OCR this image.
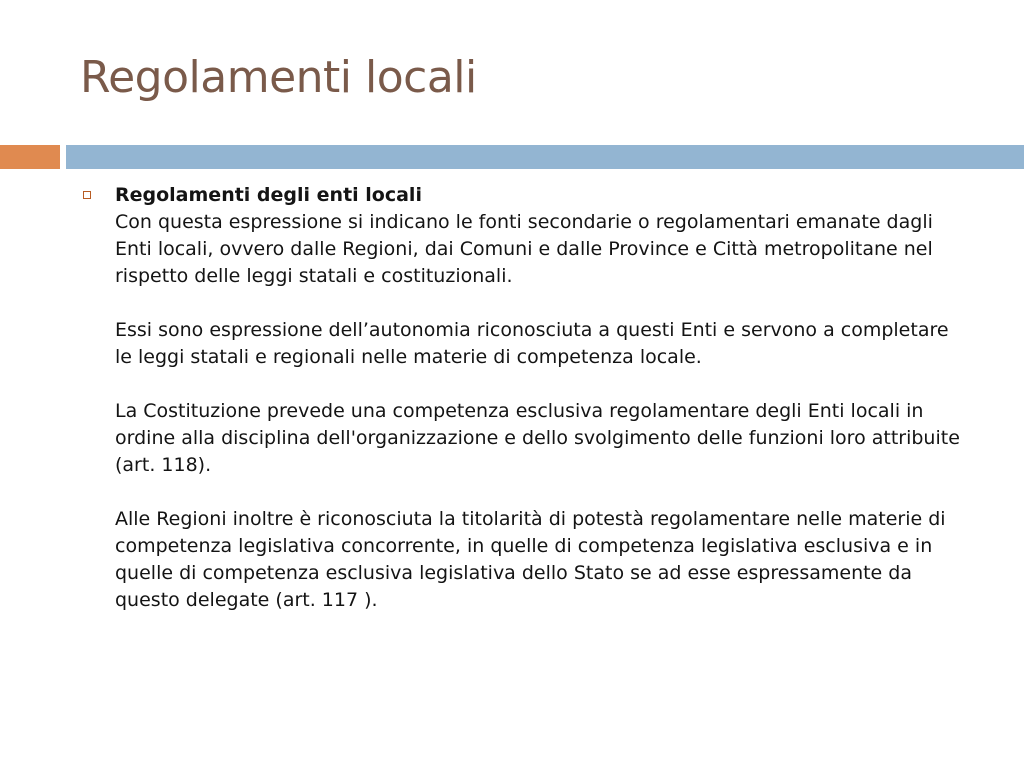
Regolamenti locali

Regolamenti degli enti locali

Con questa espressione si indicano le fonti secondarie o regolamentari emanate dagli Enti locali, ovvero dalle Regioni, dai Comuni e dalle Province e Città metropolitane nel rispetto delle leggi statali e costituzionali.

Essi sono espressione dell’autonomia riconosciuta a questi Enti e servono a completare le leggi statali e regionali nelle materie di competenza locale.

La Costituzione prevede una competenza esclusiva regolamentare degli Enti locali in ordine alla disciplina dell'organizzazione e dello svolgimento delle funzioni loro attribuite (art. 118).

Alle Regioni inoltre è riconosciuta la titolarità di potestà regolamentare nelle materie di competenza legislativa concorrente, in quelle di competenza legislativa esclusiva e in quelle di competenza esclusiva legislativa dello Stato se ad esse espressamente da questo delegate (art. 117 ).
